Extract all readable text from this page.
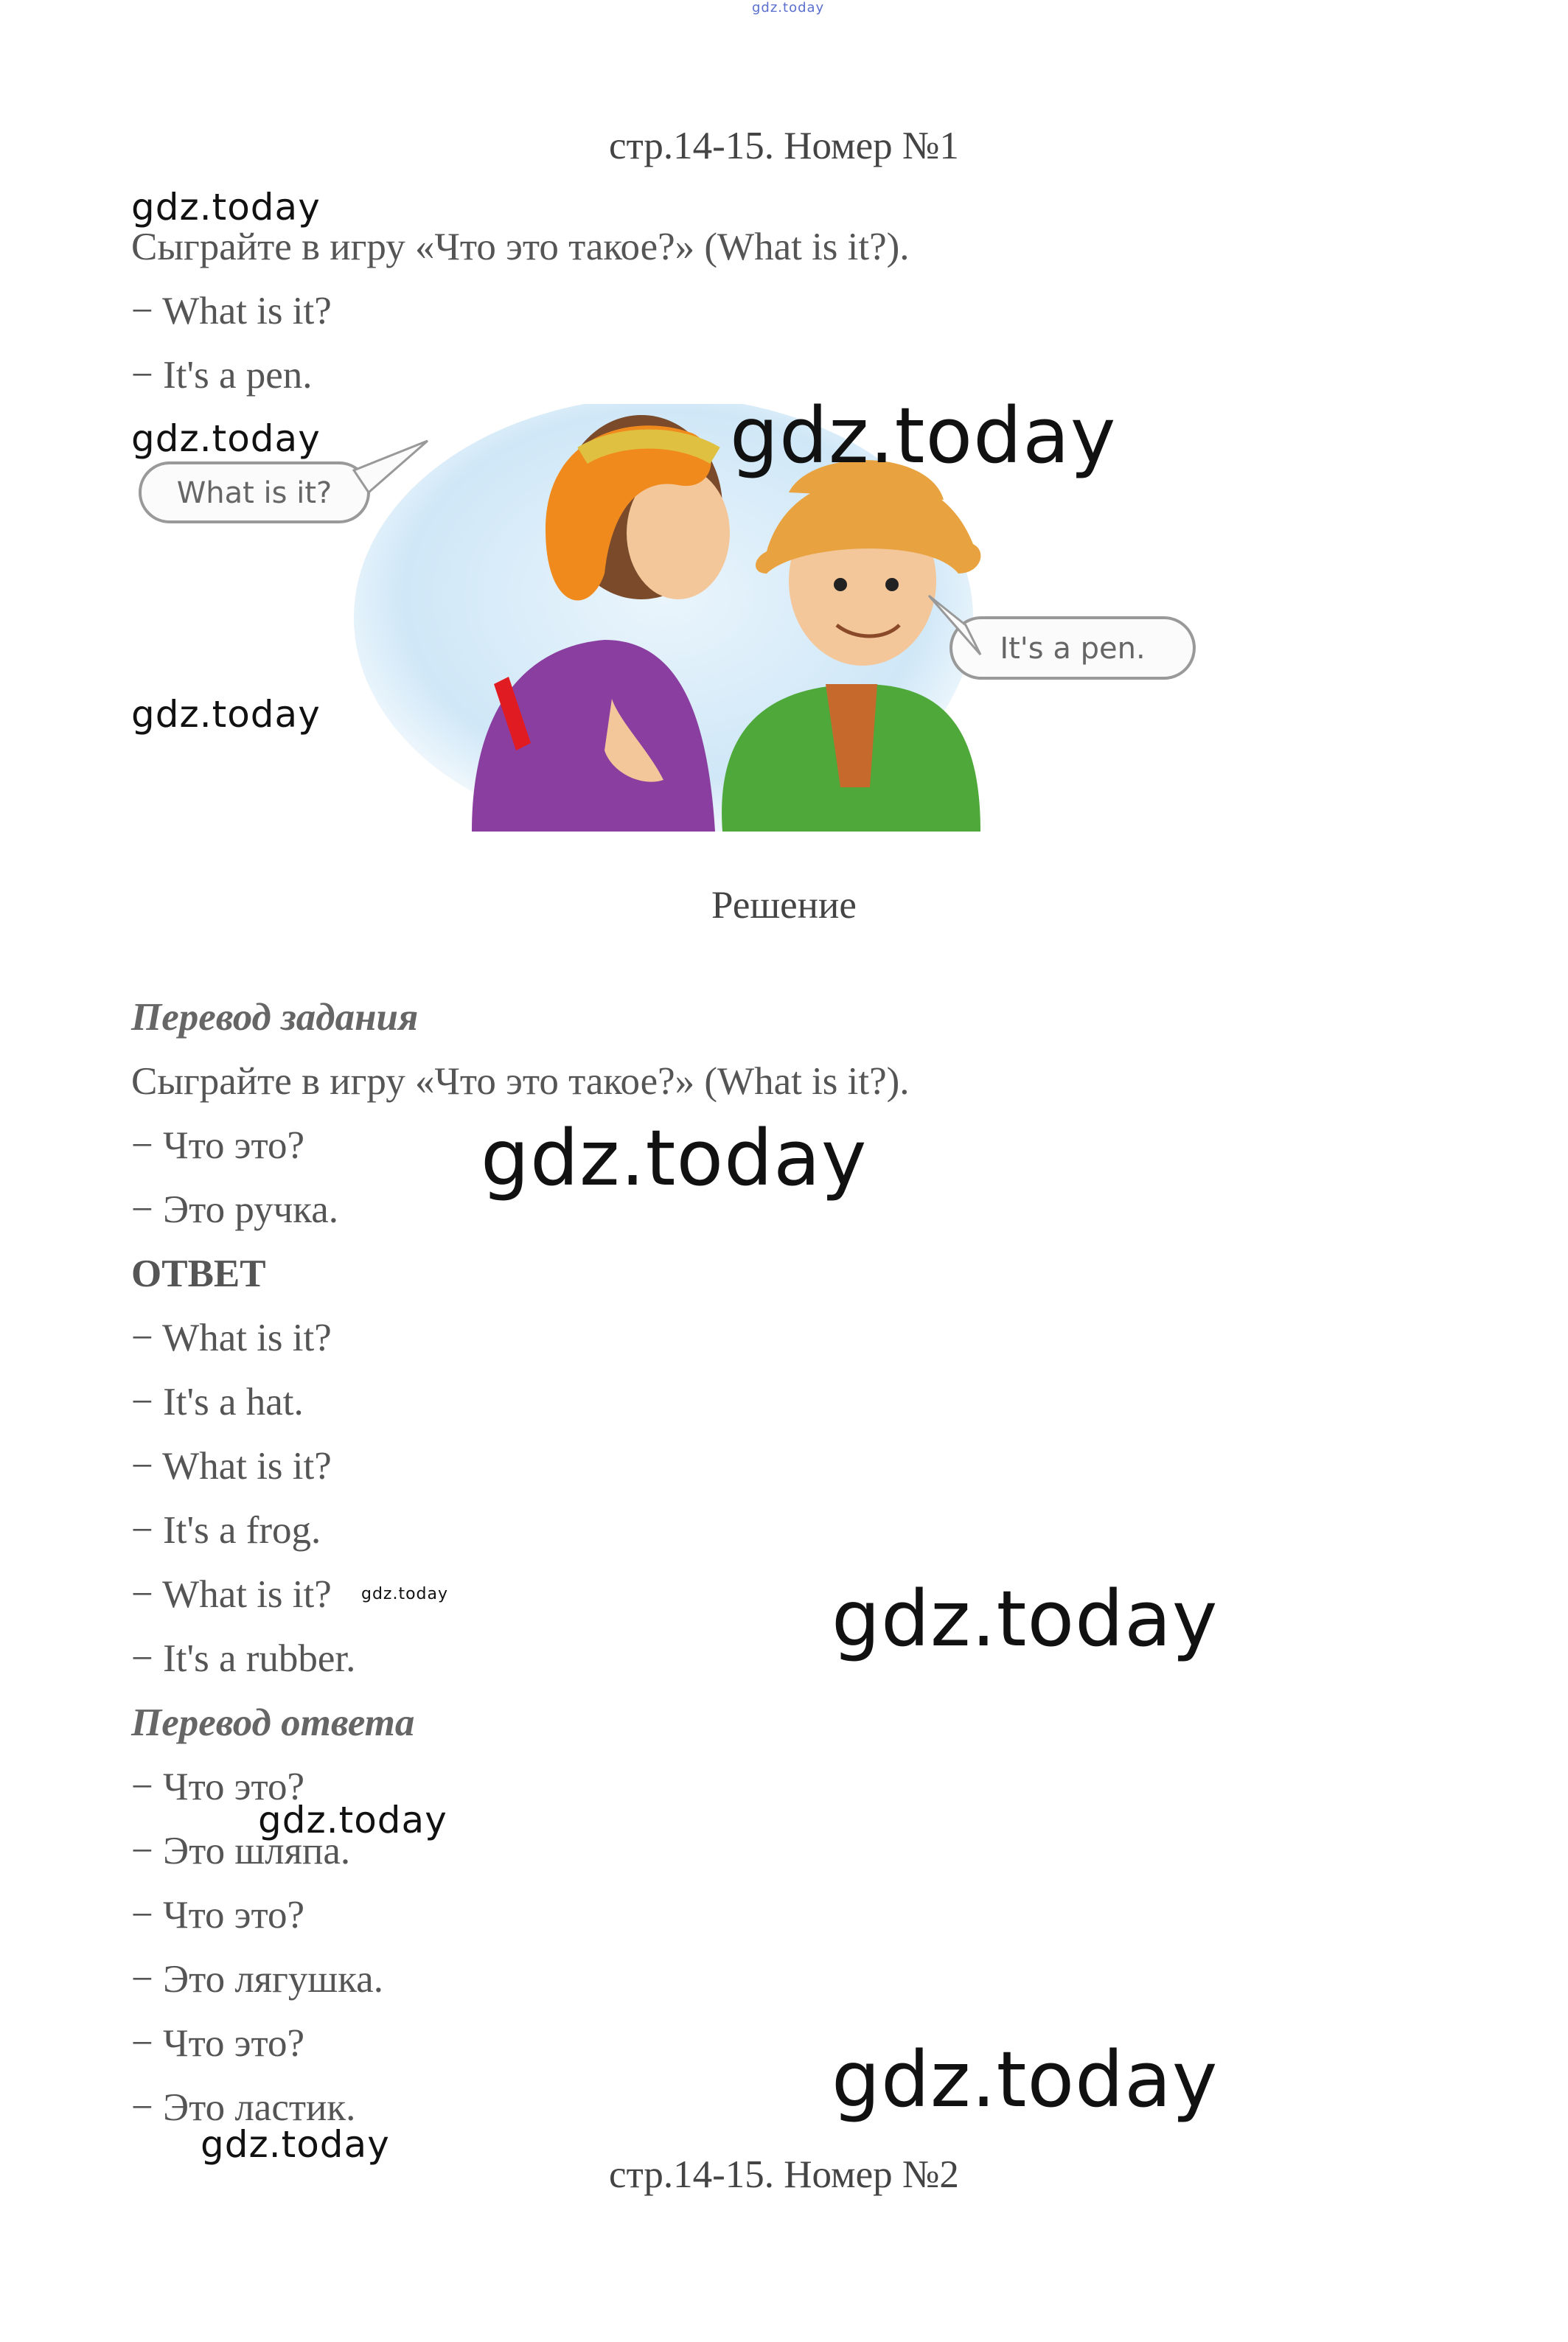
gdz.today
стр.14-15. Номер №1
gdz.today
Сыграйте в игру «Что это такое?» (What is it?).
− What is it?
− It's a pen.
What is it?
It's a pen.
gdz.today	gdz.today
gdz.today
Решение
Перевод задания
Сыграйте в игру «Что это такое?» (What is it?).
− Что это?
− Это ручка.
gdz.today
ОТВЕТ
− What is it?
− It's a hat.
− What is it?
− It's a frog.
− What is it? gdz.today
− It's a rubber.	gdz.today
Перевод ответа
− Что это?
gdz.today
− Это шляпа.
− Что это?
− Это лягушка.
− Что это?
− Это ластик.	gdz.today
gdz.today
стр.14-15. Номер №2
